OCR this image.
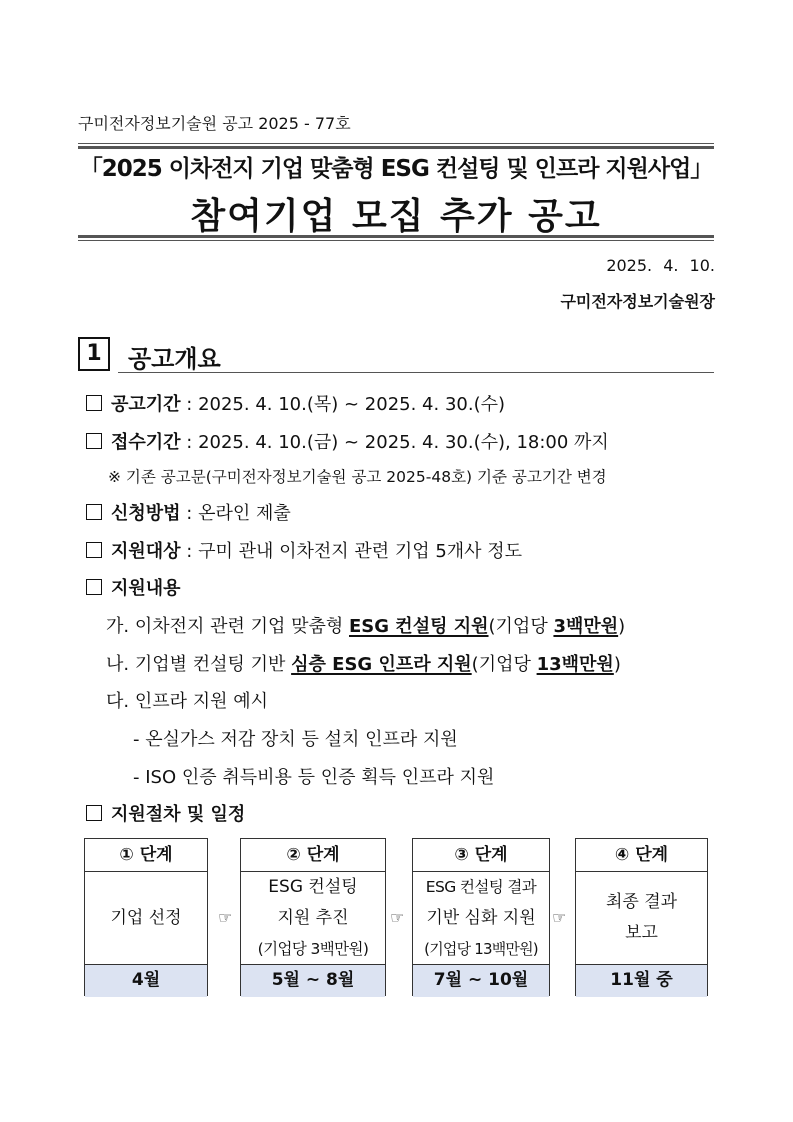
구미전자정보기술원 공고 2025 - 77호
「2025 이차전지 기업 맞춤형 ESG 컨설팅 및 인프라 지원사업」
참여기업 모집 추가 공고
2025. 4. 10.
구미전자정보기술원장
1	공고개요
공고기간 : 2025. 4. 10.(목) ~ 2025. 4. 30.(수)
접수기간 : 2025. 4. 10.(금) ~ 2025. 4. 30.(수), 18:00 까지
※ 기존 공고문(구미전자정보기술원 공고 2025-48호) 기준 공고기간 변경
신청방법 : 온라인 제출
지원대상 : 구미 관내 이차전지 관련 기업 5개사 정도
지원내용
가. 이차전지 관련 기업 맞춤형 ESG 컨설팅 지원(기업당 3백만원)
나. 기업별 컨설팅 기반 심층 ESG 인프라 지원(기업당 13백만원)
다. 인프라 지원 예시
- 온실가스 저감 장치 등 설치 인프라 지원
- ISO 인증 취득비용 등 인증 획득 인프라 지원
지원절차 및 일정
① 단계
기업 선정
4월
☞
② 단계
ESG 컨설팅
지원 추진
(기업당 3백만원)
5월 ~ 8월
☞
③ 단계
ESG 컨설팅 결과
기반 심화 지원
(기업당 13백만원)
7월 ~ 10월
☞
④ 단계
최종 결과
보고
11월 중
